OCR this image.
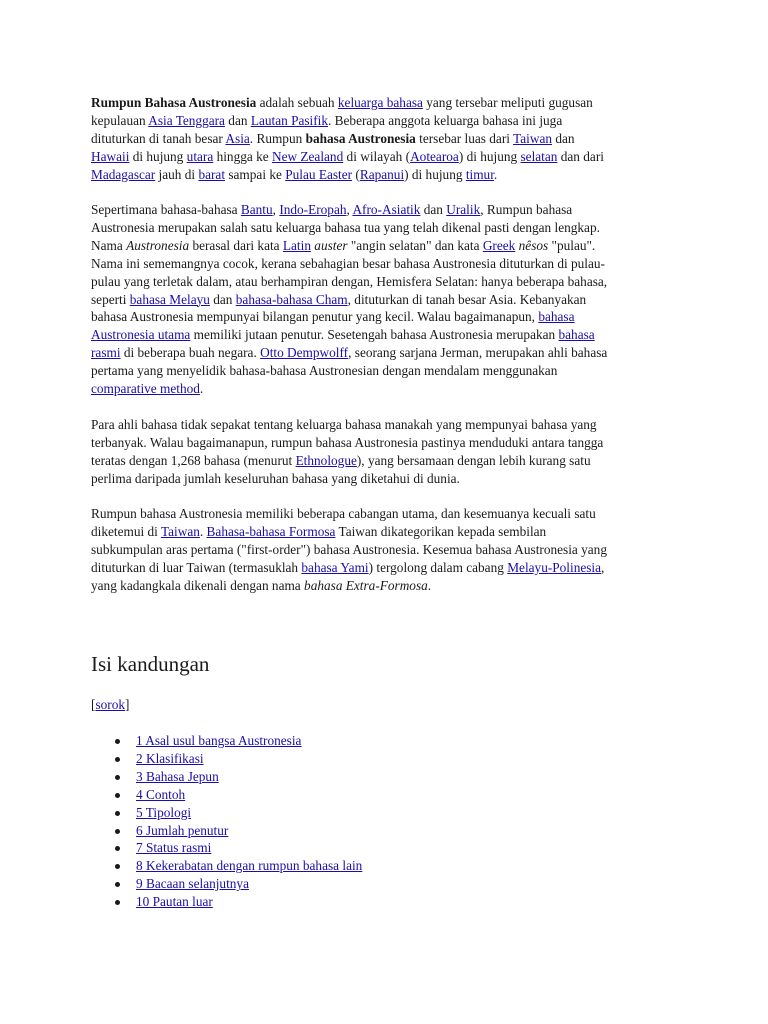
Rumpun Bahasa Austronesia adalah sebuah keluarga bahasa yang tersebar meliputi gugusan
kepulauan Asia Tenggara dan Lautan Pasifik. Beberapa anggota keluarga bahasa ini juga
dituturkan di tanah besar Asia. Rumpun bahasa Austronesia tersebar luas dari Taiwan dan
Hawaii di hujung utara hingga ke New Zealand di wilayah (Aotearoa) di hujung selatan dan dari
Madagascar jauh di barat sampai ke Pulau Easter (Rapanui) di hujung timur.

Sepertimana bahasa-bahasa Bantu, Indo-Eropah, Afro-Asiatik dan Uralik, Rumpun bahasa
Austronesia merupakan salah satu keluarga bahasa tua yang telah dikenal pasti dengan lengkap.
Nama Austronesia berasal dari kata Latin auster "angin selatan" dan kata Greek nêsos "pulau".
Nama ini sememangnya cocok, kerana sebahagian besar bahasa Austronesia dituturkan di pulau-
pulau yang terletak dalam, atau berhampiran dengan, Hemisfera Selatan: hanya beberapa bahasa,
seperti bahasa Melayu dan bahasa-bahasa Cham, dituturkan di tanah besar Asia. Kebanyakan
bahasa Austronesia mempunyai bilangan penutur yang kecil. Walau bagaimanapun, bahasa
Austronesia utama memiliki jutaan penutur. Sesetengah bahasa Austronesia merupakan bahasa
rasmi di beberapa buah negara. Otto Dempwolff, seorang sarjana Jerman, merupakan ahli bahasa
pertama yang menyelidik bahasa-bahasa Austronesian dengan mendalam menggunakan
comparative method.

Para ahli bahasa tidak sepakat tentang keluarga bahasa manakah yang mempunyai bahasa yang
terbanyak. Walau bagaimanapun, rumpun bahasa Austronesia pastinya menduduki antara tangga
teratas dengan 1,268 bahasa (menurut Ethnologue), yang bersamaan dengan lebih kurang satu
perlima daripada jumlah keseluruhan bahasa yang diketahui di dunia.

Rumpun bahasa Austronesia memiliki beberapa cabangan utama, dan kesemuanya kecuali satu
diketemui di Taiwan. Bahasa-bahasa Formosa Taiwan dikategorikan kepada sembilan
subkumpulan aras pertama ("first-order") bahasa Austronesia. Kesemua bahasa Austronesia yang
dituturkan di luar Taiwan (termasuklah bahasa Yami) tergolong dalam cabang Melayu-Polinesia,
yang kadangkala dikenali dengan nama bahasa Extra-Formosa.

Isi kandungan
[sorok]
1 Asal usul bangsa Austronesia
2 Klasifikasi
3 Bahasa Jepun
4 Contoh
5 Tipologi
6 Jumlah penutur
7 Status rasmi
8 Kekerabatan dengan rumpun bahasa lain
9 Bacaan selanjutnya
10 Pautan luar
